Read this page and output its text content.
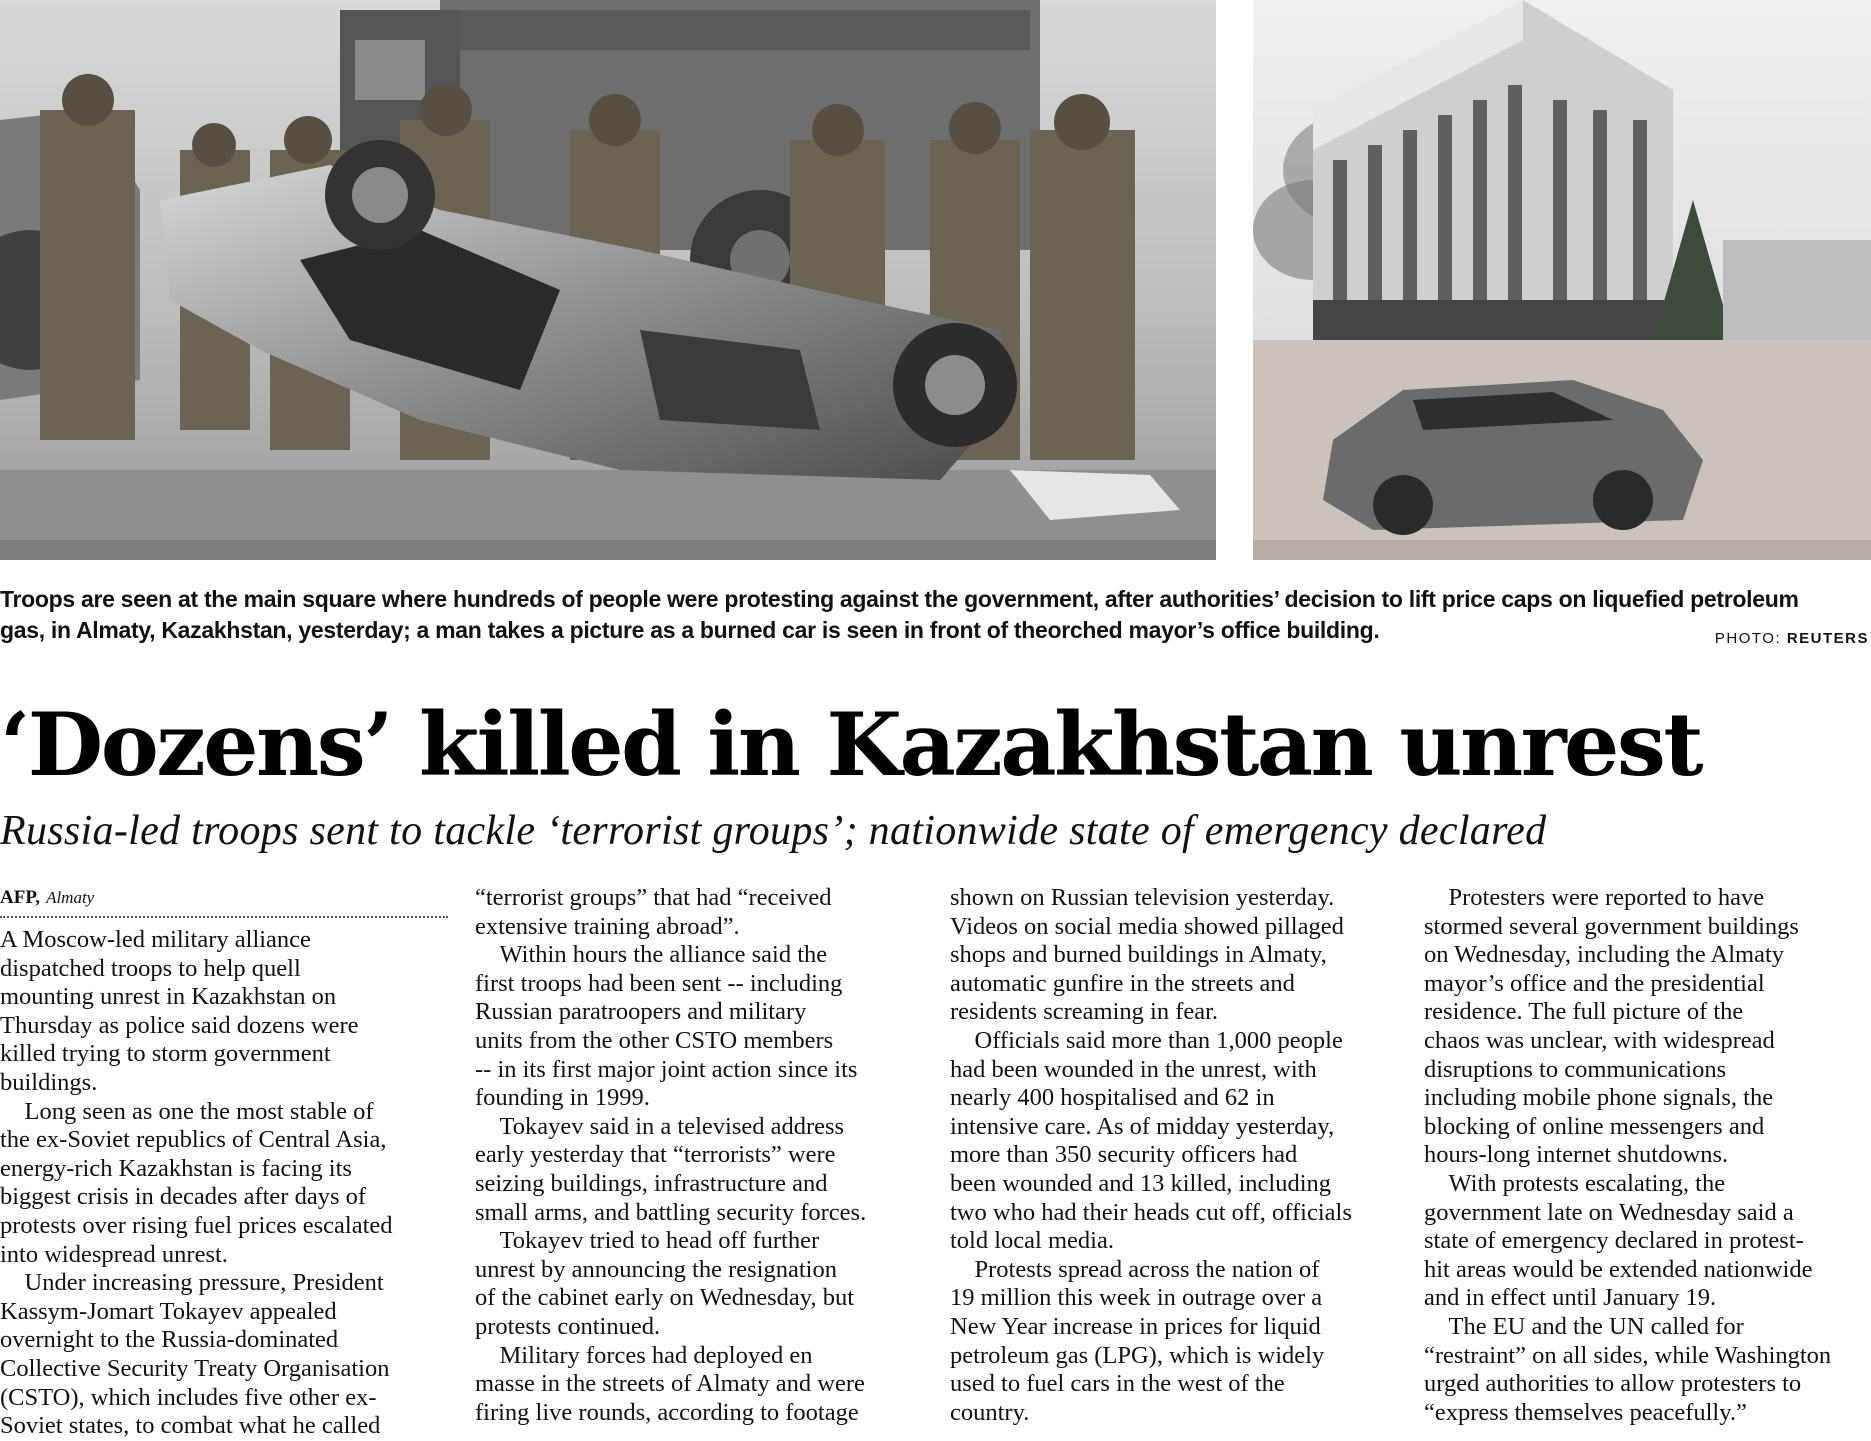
Troops are seen at the main square where hundreds of people were protesting against the government, after authorities’ decision to lift price caps on liquefied petroleum
gas, in Almaty, Kazakhstan, yesterday; a man takes a picture as a burned car is seen in front of theorched mayor’s office building.	PHOTO: REUTERS
‘Dozens’ killed in Kazakhstan unrest
Russia-led troops sent to tackle ‘terrorist groups’; nationwide state of emergency declared
AFP, Almaty
A Moscow-led military alliance
dispatched troops to help quell
mounting unrest in Kazakhstan on
Thursday as police said dozens were
killed trying to storm government
buildings.
 Long seen as one the most stable of
the ex-Soviet republics of Central Asia,
energy-rich Kazakhstan is facing its
biggest crisis in decades after days of
protests over rising fuel prices escalated
into widespread unrest.
 Under increasing pressure, President
Kassym-Jomart Tokayev appealed
overnight to the Russia-dominated
Collective Security Treaty Organisation
(CSTO), which includes five other ex-
Soviet states, to combat what he called
“terrorist groups” that had “received
extensive training abroad”.
 Within hours the alliance said the
first troops had been sent -- including
Russian paratroopers and military
units from the other CSTO members
-- in its first major joint action since its
founding in 1999.
 Tokayev said in a televised address
early yesterday that “terrorists” were
seizing buildings, infrastructure and
small arms, and battling security forces.
 Tokayev tried to head off further
unrest by announcing the resignation
of the cabinet early on Wednesday, but
protests continued.
 Military forces had deployed en
masse in the streets of Almaty and were
firing live rounds, according to footage
shown on Russian television yesterday.
Videos on social media showed pillaged
shops and burned buildings in Almaty,
automatic gunfire in the streets and
residents screaming in fear.
 Officials said more than 1,000 people
had been wounded in the unrest, with
nearly 400 hospitalised and 62 in
intensive care. As of midday yesterday,
more than 350 security officers had
been wounded and 13 killed, including
two who had their heads cut off, officials
told local media.
 Protests spread across the nation of
19 million this week in outrage over a
New Year increase in prices for liquid
petroleum gas (LPG), which is widely
used to fuel cars in the west of the
country.
 Protesters were reported to have
stormed several government buildings
on Wednesday, including the Almaty
mayor’s office and the presidential
residence. The full picture of the
chaos was unclear, with widespread
disruptions to communications
including mobile phone signals, the
blocking of online messengers and
hours-long internet shutdowns.
 With protests escalating, the
government late on Wednesday said a
state of emergency declared in protest-
hit areas would be extended nationwide
and in effect until January 19.
 The EU and the UN called for
“restraint” on all sides, while Washington
urged authorities to allow protesters to
“express themselves peacefully.”
